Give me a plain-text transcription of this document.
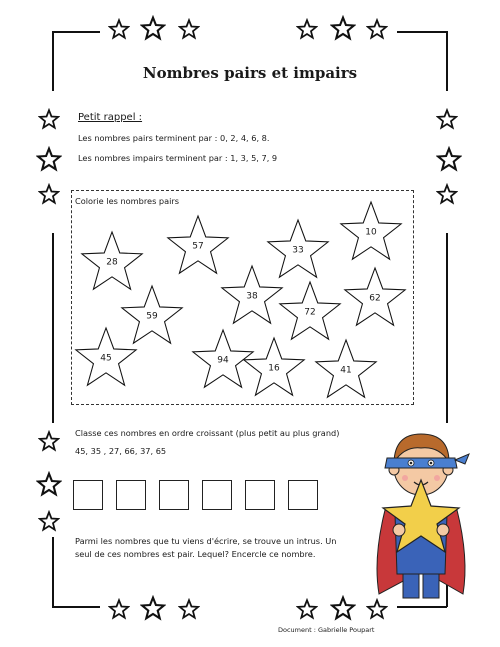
Nombres pairs et impairs
Petit rappel :
Les nombres pairs terminent par : 0, 2, 4, 6, 8.
Les nombres impairs terminent par : 1, 3, 5, 7, 9
Colorie les nombres pairs
28
57	33
10
59
38
72
62
45	94
16	41
Classe ces nombres en ordre croissant (plus petit au plus grand)
45, 35 , 27, 66, 37, 65
Parmi les nombres que tu viens d'écrire, se trouve un intrus. Un seul de ces nombres est pair. Lequel? Encercle ce nombre.
Document : Gabrielle Poupart
